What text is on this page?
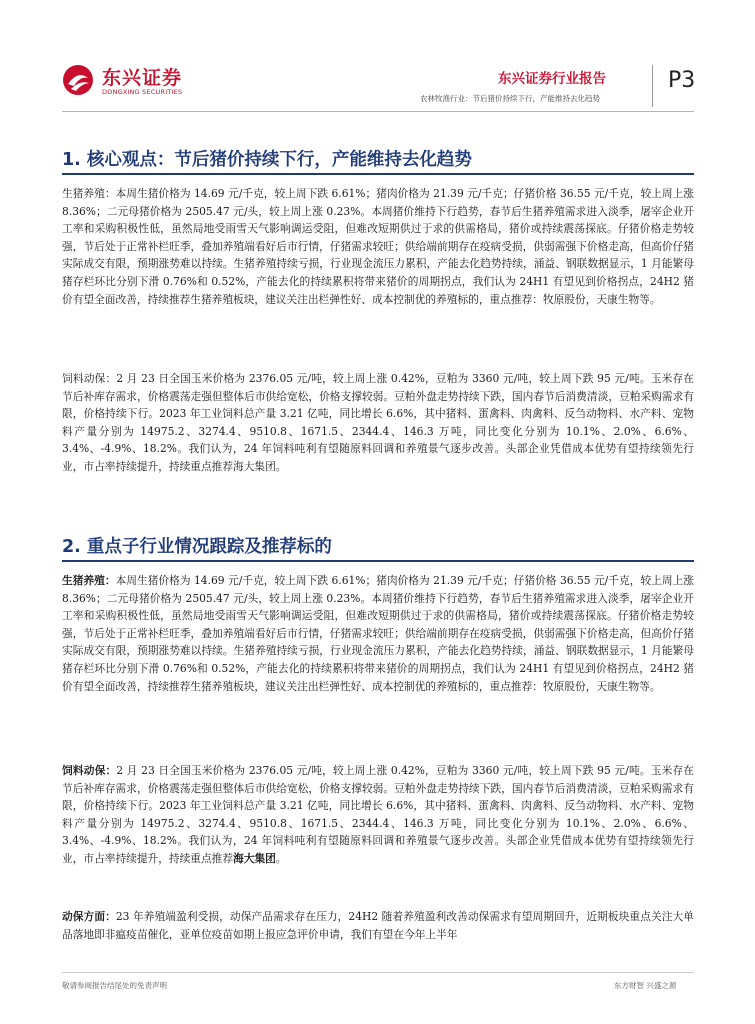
东兴证券
DONGXING SECURITIES
东兴证券行业报告
农林牧渔行业：节后猪价持续下行，产能维持去化趋势
P3
1. 核心观点：节后猪价持续下行，产能维持去化趋势
生猪养殖：本周生猪价格为 14.69 元/千克，较上周下跌 6.61%；猪肉价格为 21.39 元/千克；仔猪价格 36.55 元/千克，较上周上涨 8.36%；二元母猪价格为 2505.47 元/头，较上周上涨 0.23%。本周猪价维持下行趋势，春节后生猪养殖需求进入淡季，屠宰企业开工率和采购积极性低，虽然局地受雨雪天气影响调运受阻，但难改短期供过于求的供需格局，猪价或持续震荡探底。仔猪价格走势较强，节后处于正常补栏旺季，叠加养殖端看好后市行情，仔猪需求较旺；供给端前期存在疫病受损，供弱需强下价格走高，但高价仔猪实际成交有限，预期涨势难以持续。生猪养殖持续亏损，行业现金流压力累积，产能去化趋势持续，涌益、钢联数据显示，1 月能繁母猪存栏环比分别下滑 0.76%和 0.52%，产能去化的持续累积将带来猪价的周期拐点，我们认为 24H1 有望见到价格拐点，24H2 猪价有望全面改善，持续推荐生猪养殖板块，建议关注出栏弹性好、成本控制优的养殖标的，重点推荐：牧原股份，天康生物等。
饲料动保：2 月 23 日全国玉米价格为 2376.05 元/吨，较上周上涨 0.42%，豆粕为 3360 元/吨，较上周下跌 95 元/吨。玉米存在节后补库存需求，价格震荡走强但整体后市供给宽松，价格支撑较弱。豆粕外盘走势持续下跌，国内春节后消费清淡，豆粕采购需求有限，价格持续下行。2023 年工业饲料总产量 3.21 亿吨，同比增长 6.6%，其中猪料、蛋禽料、肉禽料、反刍动物料、水产料、宠物料产量分别为 14975.2、3274.4、9510.8、1671.5、2344.4、146.3 万吨，同比变化分别为 10.1%、2.0%、6.6%、3.4%、-4.9%、18.2%。我们认为，24 年饲料吨利有望随原料回调和养殖景气逐步改善。头部企业凭借成本优势有望持续领先行业，市占率持续提升，持续重点推荐海大集团。
2. 重点子行业情况跟踪及推荐标的
生猪养殖：本周生猪价格为 14.69 元/千克，较上周下跌 6.61%；猪肉价格为 21.39 元/千克；仔猪价格 36.55 元/千克，较上周上涨 8.36%；二元母猪价格为 2505.47 元/头，较上周上涨 0.23%。本周猪价维持下行趋势，春节后生猪养殖需求进入淡季，屠宰企业开工率和采购积极性低，虽然局地受雨雪天气影响调运受阻，但难改短期供过于求的供需格局，猪价或持续震荡探底。仔猪价格走势较强，节后处于正常补栏旺季，叠加养殖端看好后市行情，仔猪需求较旺；供给端前期存在疫病受损，供弱需强下价格走高，但高价仔猪实际成交有限，预期涨势难以持续。生猪养殖持续亏损，行业现金流压力累积，产能去化趋势持续，涌益、钢联数据显示，1 月能繁母猪存栏环比分别下滑 0.76%和 0.52%，产能去化的持续累积将带来猪价的周期拐点，我们认为 24H1 有望见到价格拐点，24H2 猪价有望全面改善，持续推荐生猪养殖板块，建议关注出栏弹性好、成本控制优的养殖标的，重点推荐：牧原股份，天康生物等。
饲料动保：2 月 23 日全国玉米价格为 2376.05 元/吨，较上周上涨 0.42%，豆粕为 3360 元/吨，较上周下跌 95 元/吨。玉米存在节后补库存需求，价格震荡走强但整体后市供给宽松，价格支撑较弱。豆粕外盘走势持续下跌，国内春节后消费清淡，豆粕采购需求有限，价格持续下行。2023 年工业饲料总产量 3.21 亿吨，同比增长 6.6%，其中猪料、蛋禽料、肉禽料、反刍动物料、水产料、宠物料产量分别为 14975.2、3274.4、9510.8、1671.5、2344.4、146.3 万吨，同比变化分别为 10.1%、2.0%、6.6%、3.4%、-4.9%、18.2%。我们认为，24 年饲料吨利有望随原料回调和养殖景气逐步改善。头部企业凭借成本优势有望持续领先行业，市占率持续提升，持续重点推荐海大集团。
动保方面：23 年养殖端盈利受损，动保产品需求存在压力，24H2 随着养殖盈利改善动保需求有望周期回升，近期板块重点关注大单品落地即非瘟疫苗催化，亚单位疫苗如期上报应急评价申请，我们有望在今年上半年
敬请参阅报告结尾处的免责声明	东方财智 兴盛之源
